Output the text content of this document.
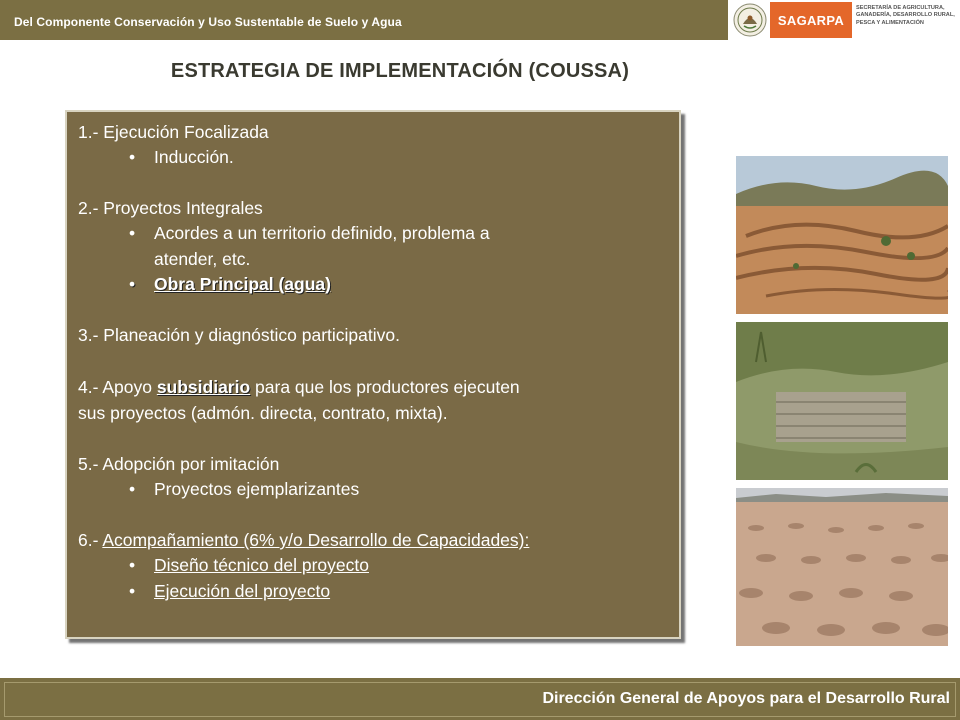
Del Componente Conservación y Uso Sustentable de Suelo y Agua	SAGARPA
SECRETARÍA DE AGRICULTURA,
GANADERÍA, DESARROLLO RURAL,
PESCA Y ALIMENTACIÓN
ESTRATEGIA DE IMPLEMENTACIÓN (COUSSA)
1.- Ejecución Focalizada
• Inducción.
2.- Proyectos Integrales
• Acordes a un territorio definido, problema a
atender, etc.
• Obra Principal (agua)
3.- Planeación y diagnóstico participativo.
4.- Apoyo subsidiario para que los productores ejecuten
sus proyectos (admón. directa, contrato, mixta).
5.- Adopción por imitación
• Proyectos ejemplarizantes
6.- Acompañamiento (6% y/o Desarrollo de Capacidades):
• Diseño técnico del proyecto
• Ejecución del proyecto
Dirección General de Apoyos para el Desarrollo Rural
